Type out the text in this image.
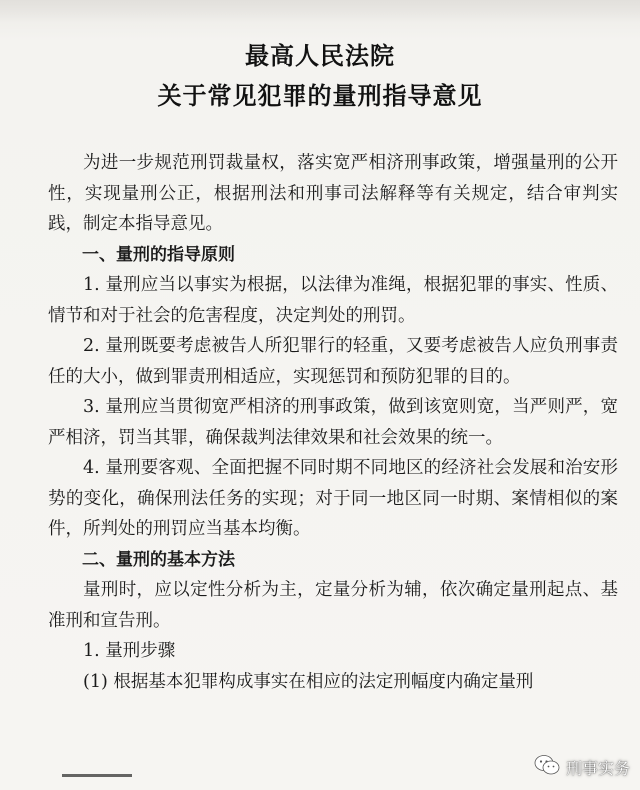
最高人民法院
关于常见犯罪的量刑指导意见

为进一步规范刑罚裁量权，落实宽严相济刑事政策，增强量刑的公开性，实现量刑公正，根据刑法和刑事司法解释等有关规定，结合审判实践，制定本指导意见。

一、量刑的指导原则

1. 量刑应当以事实为根据，以法律为准绳，根据犯罪的事实、性质、情节和对于社会的危害程度，决定判处的刑罚。

2. 量刑既要考虑被告人所犯罪行的轻重，又要考虑被告人应负刑事责任的大小，做到罪责刑相适应，实现惩罚和预防犯罪的目的。

3. 量刑应当贯彻宽严相济的刑事政策，做到该宽则宽，当严则严，宽严相济，罚当其罪，确保裁判法律效果和社会效果的统一。

4. 量刑要客观、全面把握不同时期不同地区的经济社会发展和治安形势的变化，确保刑法任务的实现；对于同一地区同一时期、案情相似的案件，所判处的刑罚应当基本均衡。

二、量刑的基本方法

量刑时，应以定性分析为主，定量分析为辅，依次确定量刑起点、基准刑和宣告刑。

1. 量刑步骤

(1) 根据基本犯罪构成事实在相应的法定刑幅度内确定量刑

刑事实务
